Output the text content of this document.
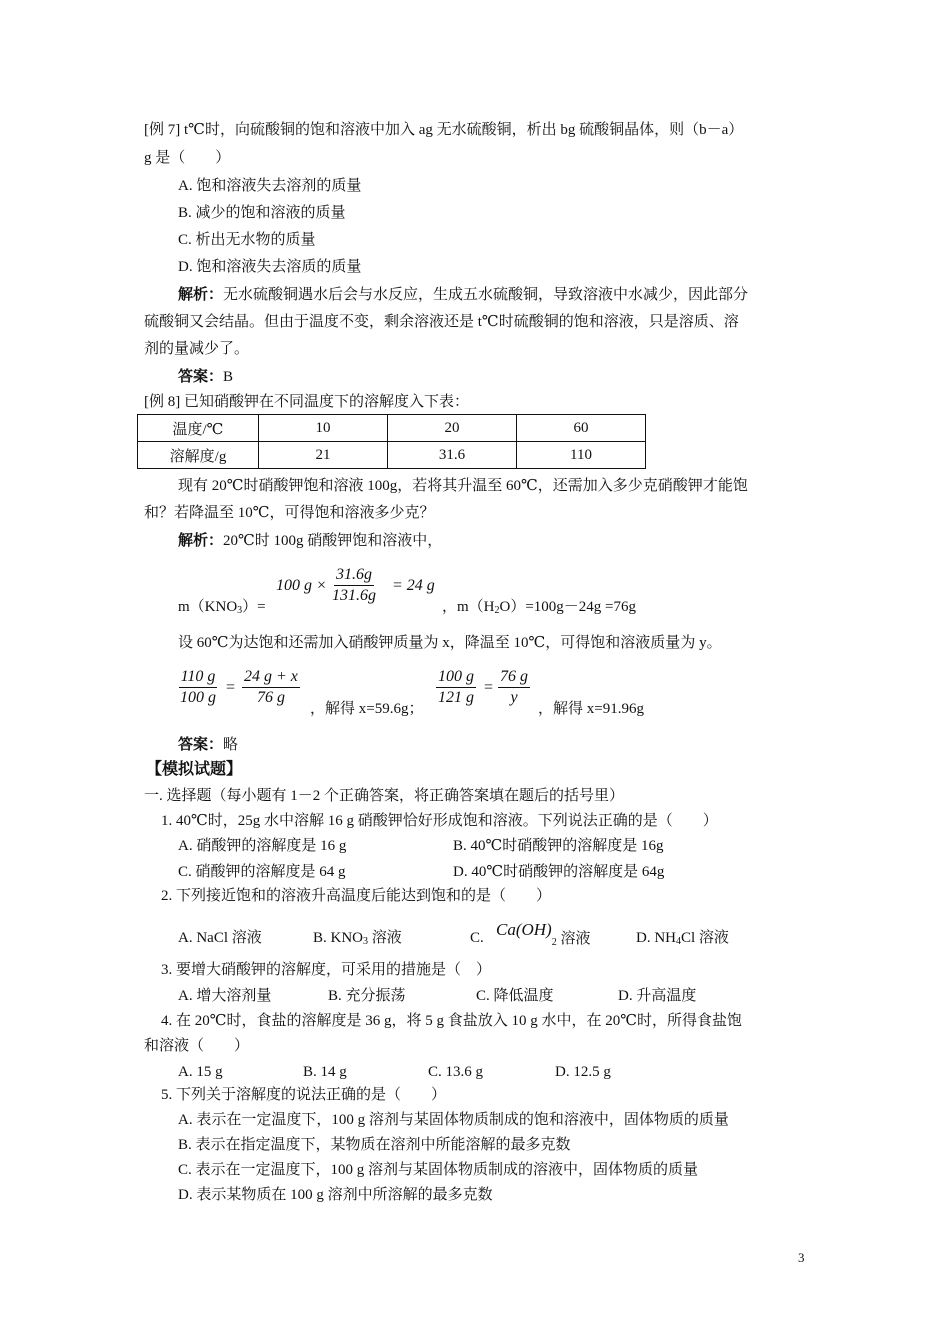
[例 7] t℃时，向硫酸铜的饱和溶液中加入 ag 无水硫酸铜，析出 bg 硫酸铜晶体，则（b－a）
g 是（　　）
A. 饱和溶液失去溶剂的质量
B. 减少的饱和溶液的质量
C. 析出无水物的质量
D. 饱和溶液失去溶质的质量
解析：无水硫酸铜遇水后会与水反应，生成五水硫酸铜，导致溶液中水减少，因此部分
硫酸铜又会结晶。但由于温度不变，剩余溶液还是 t℃时硫酸铜的饱和溶液，只是溶质、溶
剂的量减少了。
答案：B
[例 8] 已知硝酸钾在不同温度下的溶解度入下表：
温度/℃	10	20	60
溶解度/g	21	31.6	110
现有 20℃时硝酸钾饱和溶液 100g，若将其升温至 60℃，还需加入多少克硝酸钾才能饱
和？若降温至 10℃，可得饱和溶液多少克？
解析：20℃时 100g 硝酸钾饱和溶液中，
$m(KNO_3)=$
100 $g \times \frac{31.6g}{131.6g} = 24$ g
，$m(H_2O)=100g-24g =76g$
设 60℃为达饱和还需加入硝酸钾质量为 x，降温至 10℃，可得饱和溶液质量为 y。
$\frac{110 g}{100 g} = \frac{24 g + x}{76 g}$
，解得 x=59.6g；
$\frac{100 g}{121 g} = \frac{76 g}{y}$
，解得 x=91.96g
答案：略
【模拟试题】
一. 选择题（每小题有 1－2 个正确答案，将正确答案填在题后的括号里）
1. 40℃时，25g 水中溶解 16 g 硝酸钾恰好形成饱和溶液。下列说法正确的是（　　）
A. 硝酸钾的溶解度是 16 g	B. 40℃时硝酸钾的溶解度是 16g
C. 硝酸钾的溶解度是 64 g	D. 40℃时硝酸钾的溶解度是 64g
2. 下列接近饱和的溶液升高温度后能达到饱和的是（　　）
A. NaCl 溶液	B. $KNO_3$ 溶液	C. $Ca(OH)_2$ 溶液	D. $NH_4Cl$ 溶液
3. 要增大硝酸钾的溶解度，可采用的措施是（　）
A. 增大溶剂量	B. 充分振荡	C. 降低温度	D. 升高温度
4. 在 20℃时，食盐的溶解度是 36 g，将 5 g 食盐放入 10 g 水中，在 20℃时，所得食盐饱
和溶液（　　）
A. 15 g	B. 14 g	C. 13.6 g	D. 12.5 g
5. 下列关于溶解度的说法正确的是（　　）
A. 表示在一定温度下，100 g 溶剂与某固体物质制成的饱和溶液中，固体物质的质量
B. 表示在指定温度下，某物质在溶剂中所能溶解的最多克数
C. 表示在一定温度下，100 g 溶剂与某固体物质制成的溶液中，固体物质的质量
D. 表示某物质在 100 g 溶剂中所溶解的最多克数
3
